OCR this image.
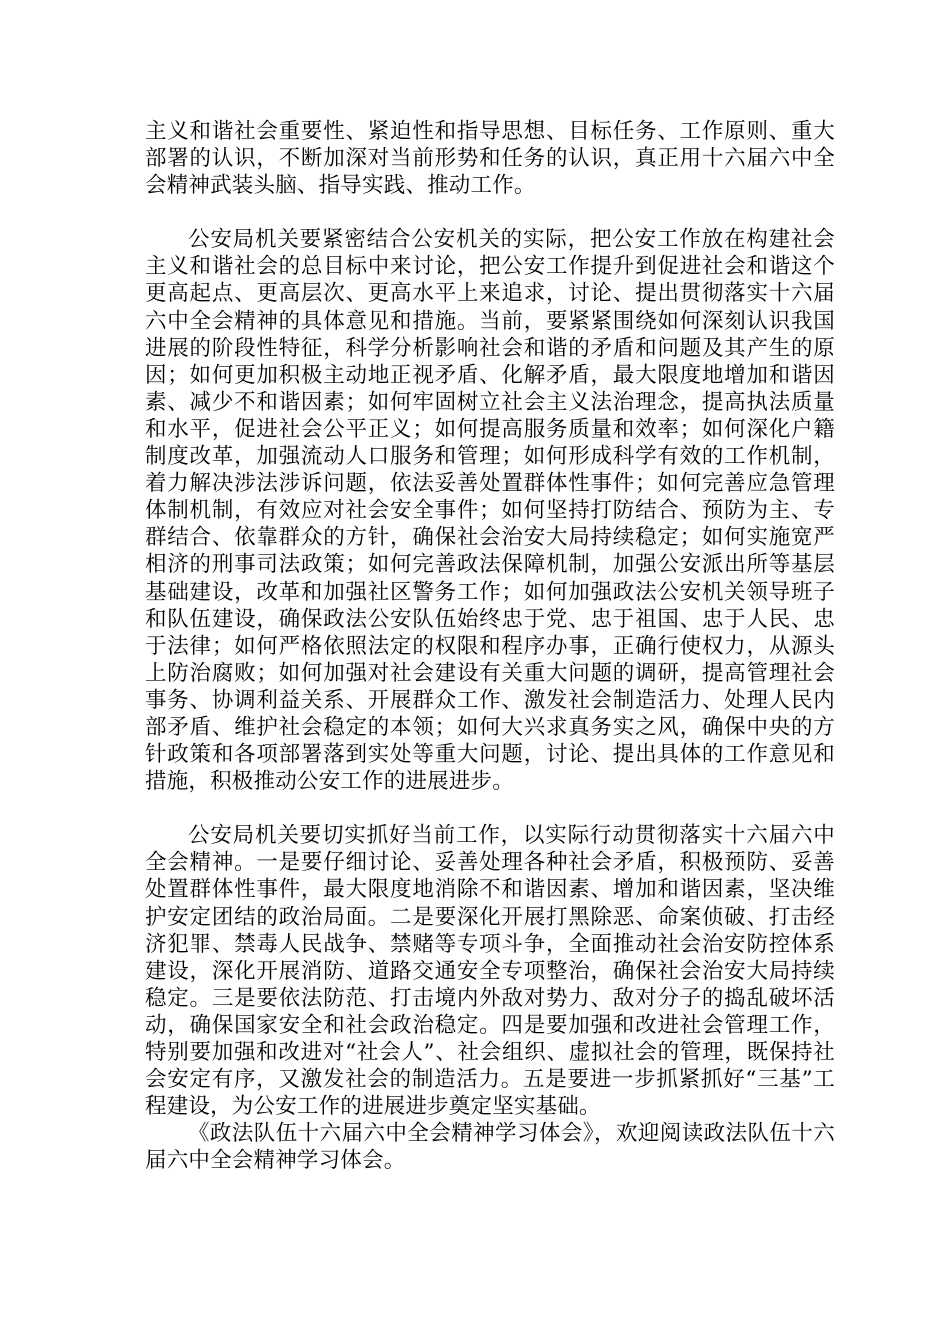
主义和谐社会重要性、紧迫性和指导思想、目标任务、工作原则、重大部署的认识，不断加深对当前形势和任务的认识，真正用十六届六中全会精神武装头脑、指导实践、推动工作。

公安局机关要紧密结合公安机关的实际，把公安工作放在构建社会主义和谐社会的总目标中来讨论，把公安工作提升到促进社会和谐这个更高起点、更高层次、更高水平上来追求，讨论、提出贯彻落实十六届六中全会精神的具体意见和措施。当前，要紧紧围绕如何深刻认识我国进展的阶段性特征，科学分析影响社会和谐的矛盾和问题及其产生的原因；如何更加积极主动地正视矛盾、化解矛盾，最大限度地增加和谐因素、减少不和谐因素；如何牢固树立社会主义法治理念，提高执法质量和水平，促进社会公平正义；如何提高服务质量和效率；如何深化户籍制度改革，加强流动人口服务和管理；如何形成科学有效的工作机制，着力解决涉法涉诉问题，依法妥善处置群体性事件；如何完善应急管理体制机制，有效应对社会安全事件；如何坚持打防结合、预防为主、专群结合、依靠群众的方针，确保社会治安大局持续稳定；如何实施宽严相济的刑事司法政策；如何完善政法保障机制，加强公安派出所等基层基础建设，改革和加强社区警务工作；如何加强政法公安机关领导班子和队伍建设，确保政法公安队伍始终忠于党、忠于祖国、忠于人民、忠于法律；如何严格依照法定的权限和程序办事，正确行使权力，从源头上防治腐败；如何加强对社会建设有关重大问题的调研，提高管理社会事务、协调利益关系、开展群众工作、激发社会制造活力、处理人民内部矛盾、维护社会稳定的本领；如何大兴求真务实之风，确保中央的方针政策和各项部署落到实处等重大问题，讨论、提出具体的工作意见和措施，积极推动公安工作的进展进步。

公安局机关要切实抓好当前工作，以实际行动贯彻落实十六届六中全会精神。一是要仔细讨论、妥善处理各种社会矛盾，积极预防、妥善处置群体性事件，最大限度地消除不和谐因素、增加和谐因素，坚决维护安定团结的政治局面。二是要深化开展打黑除恶、命案侦破、打击经济犯罪、禁毒人民战争、禁赌等专项斗争，全面推动社会治安防控体系建设，深化开展消防、道路交通安全专项整治，确保社会治安大局持续稳定。三是要依法防范、打击境内外敌对势力、敌对分子的捣乱破坏活动，确保国家安全和社会政治稳定。四是要加强和改进社会管理工作，特别要加强和改进对“社会人”、社会组织、虚拟社会的管理，既保持社会安定有序，又激发社会的制造活力。五是要进一步抓紧抓好“三基”工程建设，为公安工作的进展进步奠定坚实基础。

《政法队伍十六届六中全会精神学习体会》，欢迎阅读政法队伍十六届六中全会精神学习体会。
